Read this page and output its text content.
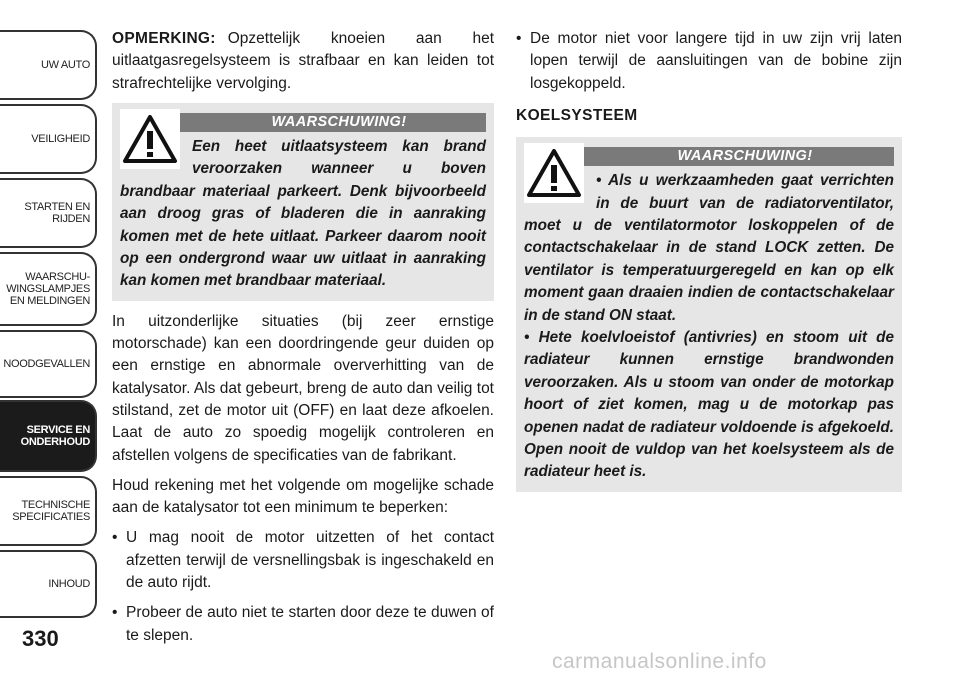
UW AUTO
VEILIGHEID
STARTEN EN
RIJDEN
WAARSCHU-
WINGSLAMPJES
EN MELDINGEN
NOODGEVALLEN
SERVICE EN
ONDERHOUD
TECHNISCHE
SPECIFICATIES
INHOUD
330

OPMERKING: Opzettelijk knoeien aan het uitlaatgasregelsysteem is strafbaar en kan leiden tot strafrechtelijke vervolging.

WAARSCHUWING!
Een heet uitlaatsysteem kan brand veroorzaken wanneer u boven brandbaar materiaal parkeert. Denk bijvoorbeeld aan droog gras of bladeren die in aanraking komen met de hete uitlaat. Parkeer daarom nooit op een ondergrond waar uw uitlaat in aanraking kan komen met brandbaar materiaal.

In uitzonderlijke situaties (bij zeer ernstige motorschade) kan een doordringende geur duiden op een ernstige en abnormale oververhitting van de katalysator. Als dat gebeurt, breng de auto dan veilig tot stilstand, zet de motor uit (OFF) en laat deze afkoelen. Laat de auto zo spoedig mogelijk controleren en afstellen volgens de specificaties van de fabrikant.

Houd rekening met het volgende om mogelijke schade aan de katalysator tot een minimum te beperken:

• U mag nooit de motor uitzetten of het contact afzetten terwijl de versnellingsbak is ingeschakeld en de auto rijdt.
• Probeer de auto niet te starten door deze te duwen of te slepen.
• De motor niet voor langere tijd in uw zijn vrij laten lopen terwijl de aansluitingen van de bobine zijn losgekoppeld.
KOELSYSTEEM
WAARSCHUWING!
• Als u werkzaamheden gaat verrichten in de buurt van de radiatorventilator, moet u de ventilatormotor loskoppelen of de contactschakelaar in de stand LOCK zetten. De ventilator is temperatuurgeregeld en kan op elk moment gaan draaien indien de contactschakelaar in de stand ON staat.
• Hete koelvloeistof (antivries) en stoom uit de radiateur kunnen ernstige brandwonden veroorzaken. Als u stoom van onder de motorkap hoort of ziet komen, mag u de motorkap pas openen nadat de radiateur voldoende is afgekoeld. Open nooit de vuldop van het koelsysteem als de radiateur heet is.
carmanualsonline.info
